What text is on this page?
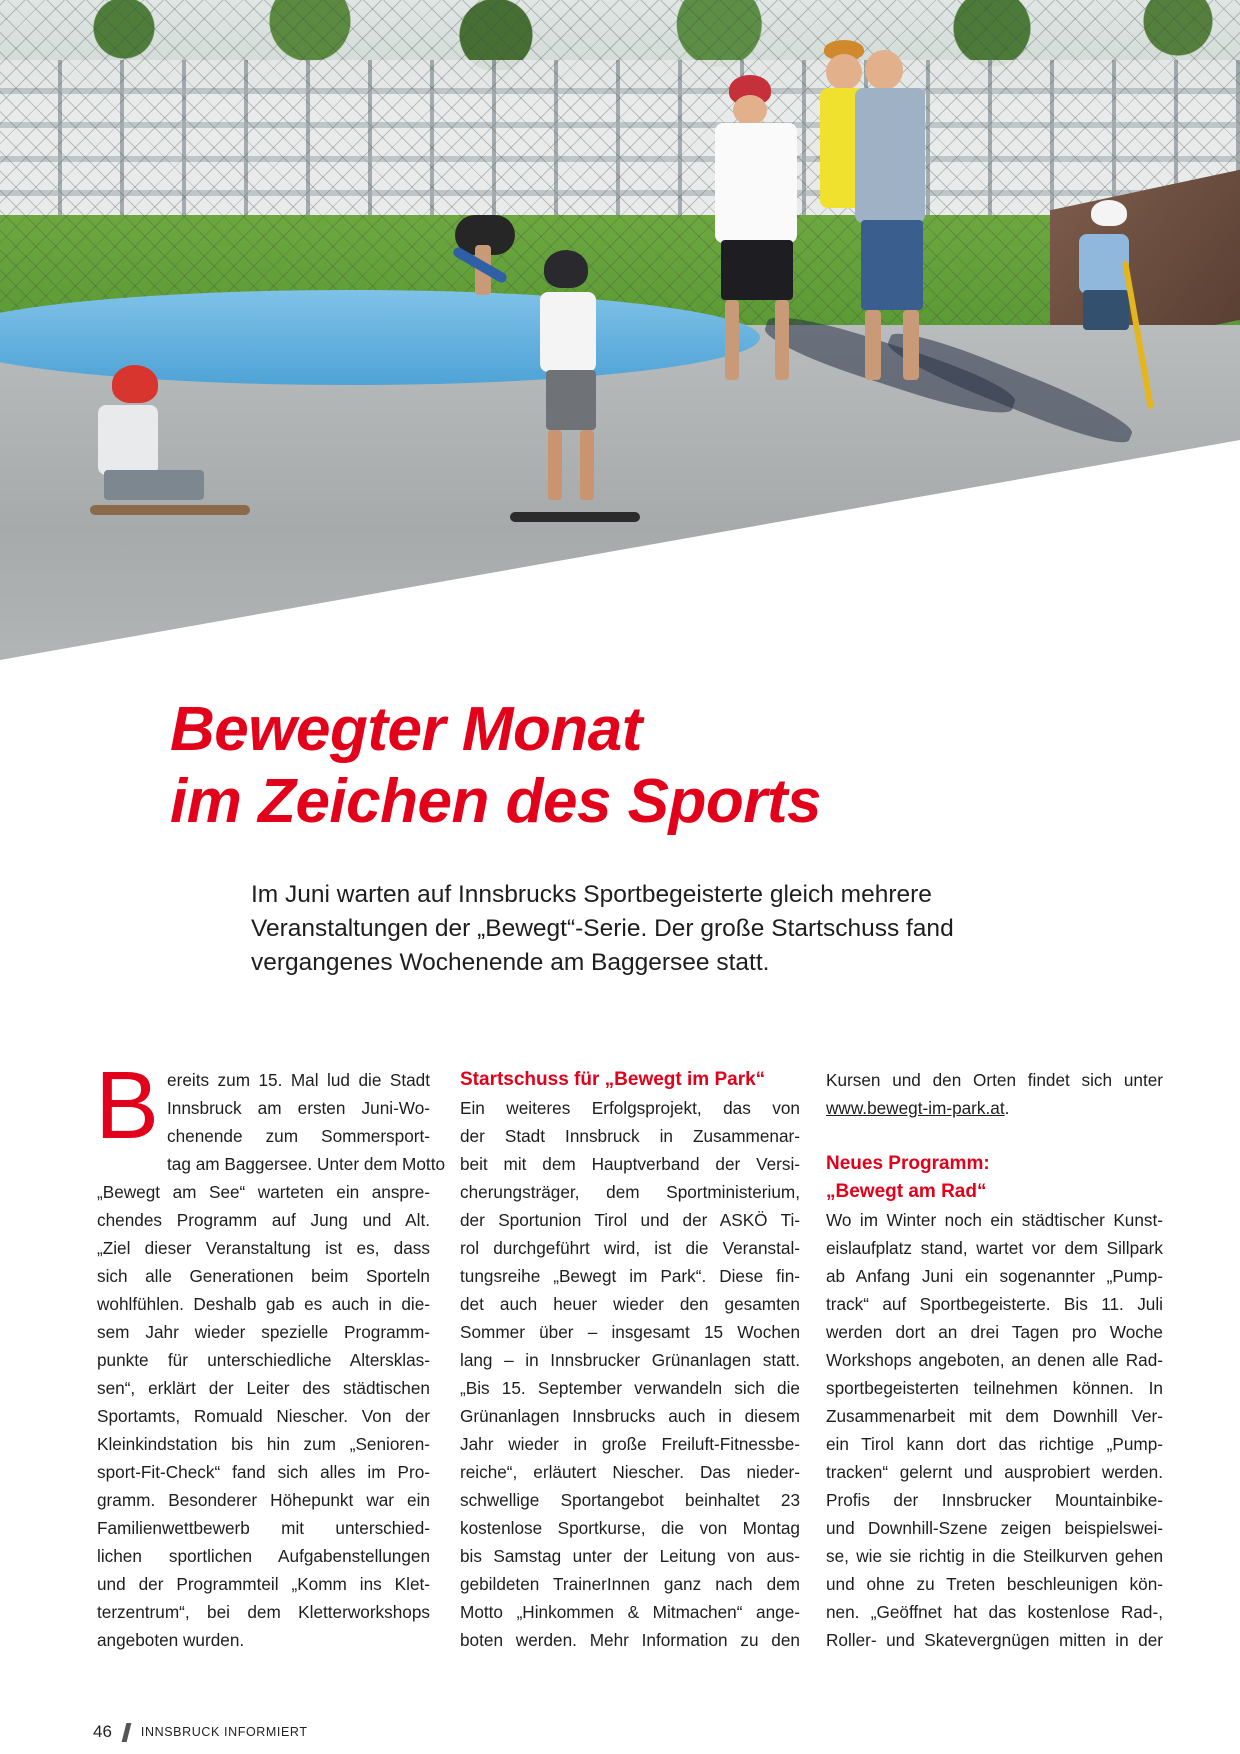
Bewegter Monat
im Zeichen des Sports

Im Juni warten auf Innsbrucks Sportbegeisterte gleich mehrere
Veranstaltungen der „Bewegt“-Serie. Der große Startschuss fand
vergangenes Wochenende am Baggersee statt.

B ereits zum 15. Mal lud die Stadt
Innsbruck am ersten Juni-Wo-
chenende zum Sommersport-
tag am Baggersee. Unter dem Motto
„Bewegt am See“ warteten ein anspre-
chendes Programm auf Jung und Alt.
„Ziel dieser Veranstaltung ist es, dass
sich alle Generationen beim Sporteln
wohlfühlen. Deshalb gab es auch in die-
sem Jahr wieder spezielle Programm-
punkte für unterschiedliche Altersklas-
sen“, erklärt der Leiter des städtischen
Sportamts, Romuald Niescher. Von der
Kleinkindstation bis hin zum „Senioren-
sport-Fit-Check“ fand sich alles im Pro-
gramm. Besonderer Höhepunkt war ein
Familienwettbewerb mit unterschied-
lichen sportlichen Aufgabenstellungen
und der Programmteil „Komm ins Klet-
terzentrum“, bei dem Kletterworkshops
angeboten wurden.

Startschuss für „Bewegt im Park“

Ein weiteres Erfolgsprojekt, das von
der Stadt Innsbruck in Zusammenar-
beit mit dem Hauptverband der Versi-
cherungsträger, dem Sportministerium,
der Sportunion Tirol und der ASKÖ Ti-
rol durchgeführt wird, ist die Veranstal-
tungsreihe „Bewegt im Park“. Diese fin-
det auch heuer wieder den gesamten
Sommer über – insgesamt 15 Wochen
lang – in Innsbrucker Grünanlagen statt.
„Bis 15. September verwandeln sich die
Grünanlagen Innsbrucks auch in diesem
Jahr wieder in große Freiluft-Fitnessbe-
reiche“, erläutert Niescher. Das nieder-
schwellige Sportangebot beinhaltet 23
kostenlose Sportkurse, die von Montag
bis Samstag unter der Leitung von aus-
gebildeten TrainerInnen ganz nach dem
Motto „Hinkommen & Mitmachen“ ange-
boten werden. Mehr Information zu den

Kursen und den Orten findet sich unter
www.bewegt-im-park.at.
Neues Programm:
„Bewegt am Rad“

Wo im Winter noch ein städtischer Kunst-
eislaufplatz stand, wartet vor dem Sillpark
ab Anfang Juni ein sogenannter „Pump-
track“ auf Sportbegeisterte. Bis 11. Juli
werden dort an drei Tagen pro Woche
Workshops angeboten, an denen alle Rad-
sportbegeisterten teilnehmen können. In
Zusammenarbeit mit dem Downhill Ver-
ein Tirol kann dort das richtige „Pump-
tracken“ gelernt und ausprobiert werden.
Profis der Innsbrucker Mountainbike-
und Downhill-Szene zeigen beispielswei-
se, wie sie richtig in die Steilkurven gehen
und ohne zu Treten beschleunigen kön-
nen. „Geöffnet hat das kostenlose Rad-,
Roller- und Skatevergnügen mitten in der

46 INNSBRUCK INFORMIERT
